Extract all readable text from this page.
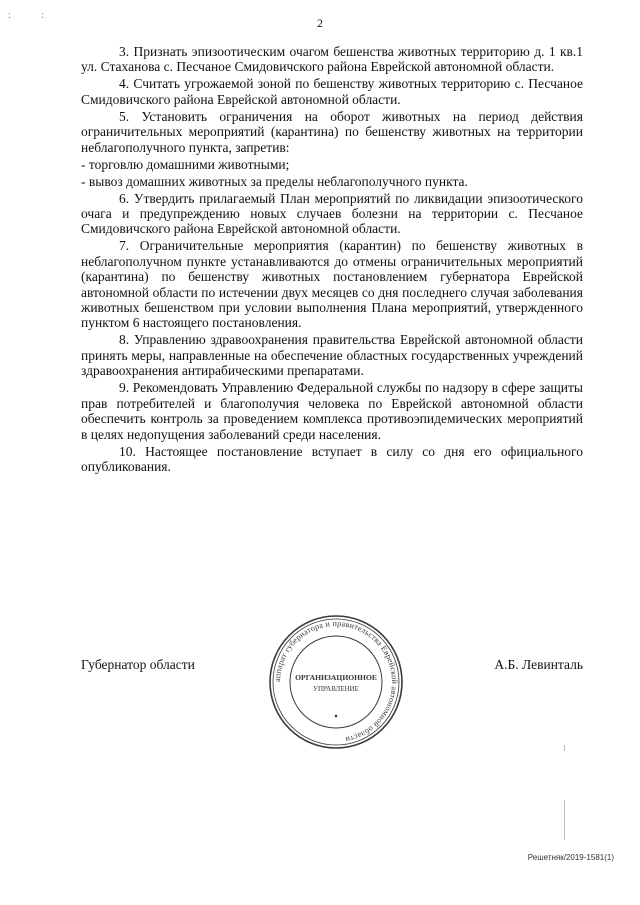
: :
2

3. Признать эпизоотическим очагом бешенства животных территорию д. 1 кв.1 ул. Стаханова с. Песчаное Смидовичского района Еврейской автономной области.

4. Считать угрожаемой зоной по бешенству животных территорию с. Песчаное Смидовичского района Еврейской автономной области.

5. Установить ограничения на оборот животных на период действия ограничительных мероприятий (карантина) по бешенству животных на территории неблагополучного пункта, запретив:

- торговлю домашними животными;

- вывоз домашних животных за пределы неблагополучного пункта.

6. Утвердить прилагаемый План мероприятий по ликвидации эпизоотического очага и предупреждению новых случаев болезни на территории с. Песчаное Смидовичского района Еврейской автономной области.

7. Ограничительные мероприятия (карантин) по бешенству животных в неблагополучном пункте устанавливаются до отмены ограничительных мероприятий (карантина) по бешенству животных постановлением губернатора Еврейской автономной области по истечении двух месяцев со дня последнего случая заболевания животных бешенством при условии выполнения Плана мероприятий, утвержденного пунктом 6 настоящего постановления.

8. Управлению здравоохранения правительства Еврейской автономной области принять меры, направленные на обеспечение областных государственных учреждений здравоохранения антирабическими препаратами.

9. Рекомендовать Управлению Федеральной службы по надзору в сфере защиты прав потребителей и благополучия человека по Еврейской автономной области обеспечить контроль за проведением комплекса противоэпидемических мероприятий в целях недопущения заболеваний среди населения.

10. Настоящее постановление вступает в силу со дня его официального опубликования.

Губернатор области	А.Б. Левинталь
аппарат губернатора и правительства Еврейской автономной области
ОРГАНИЗАЦИОННОЕ
УПРАВЛЕНИЕ
Решетняк/2019-1581(1)
